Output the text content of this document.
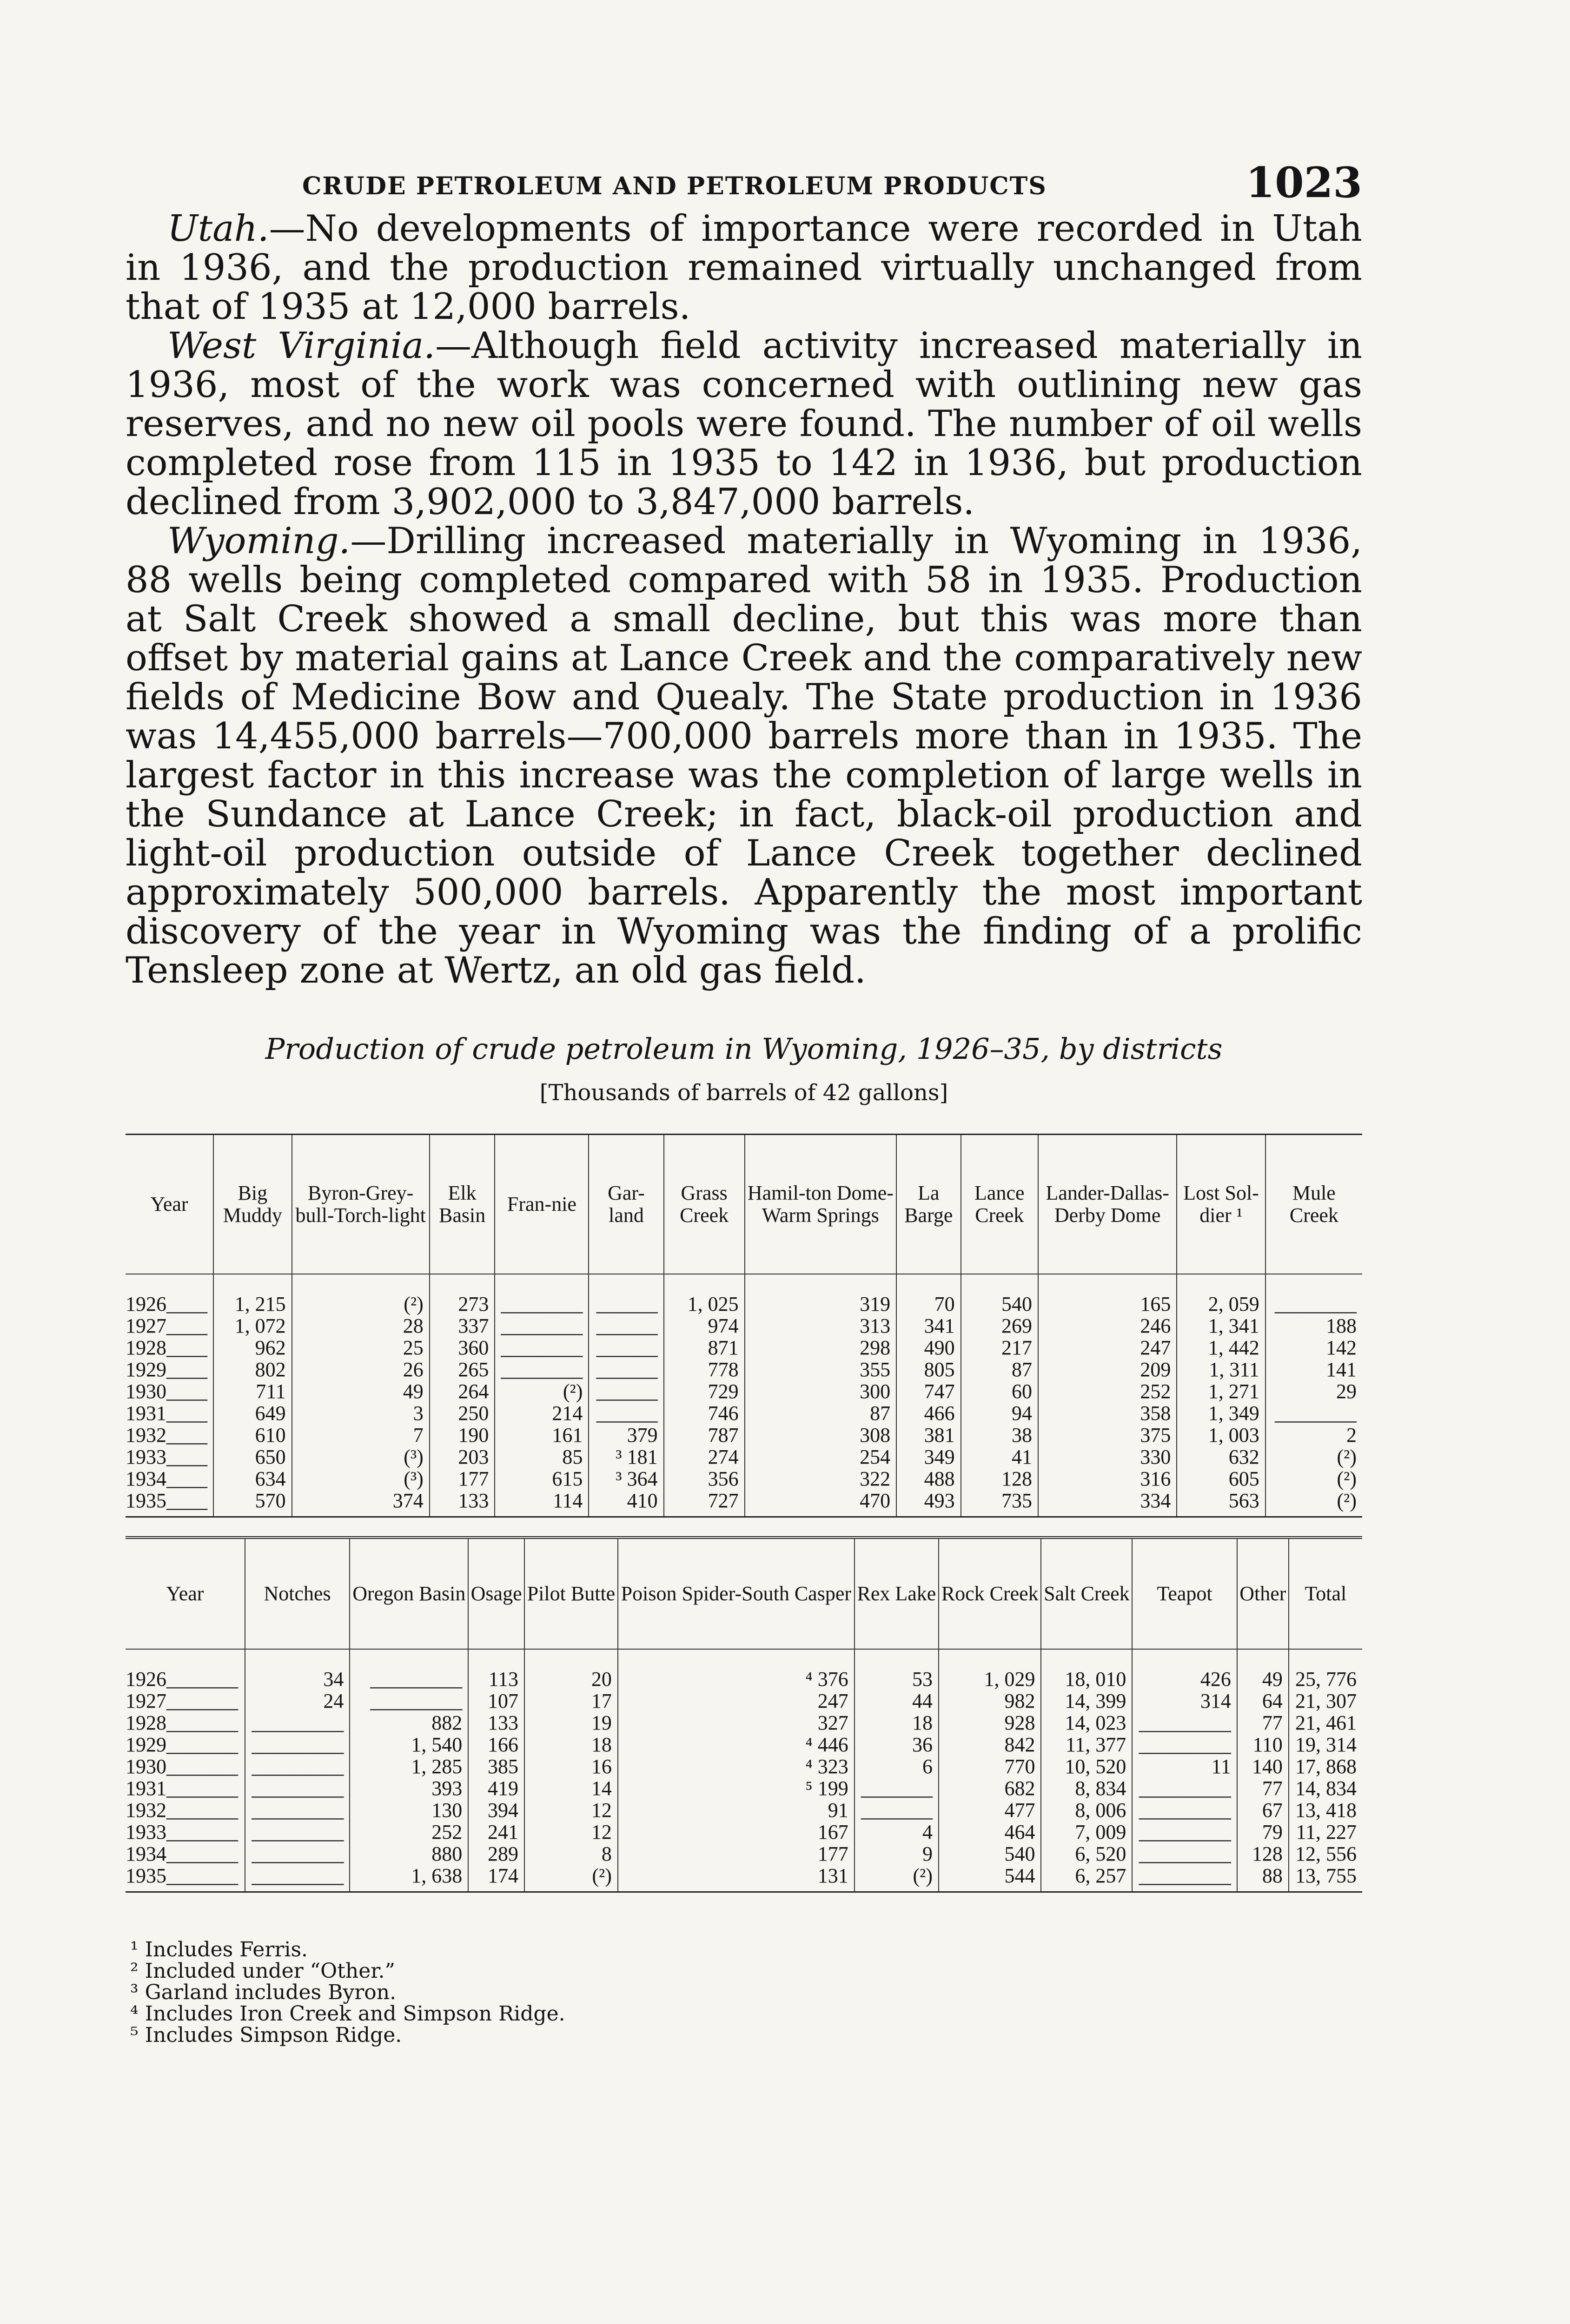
CRUDE PETROLEUM AND PETROLEUM PRODUCTS	1023

Utah.—No developments of importance were recorded in Utah in 1936, and the production remained virtually unchanged from that of 1935 at 12,000 barrels.

West Virginia.—Although field activity increased materially in 1936, most of the work was concerned with outlining new gas reserves, and no new oil pools were found. The number of oil wells completed rose from 115 in 1935 to 142 in 1936, but production declined from 3,902,000 to 3,847,000 barrels.

Wyoming.—Drilling increased materially in Wyoming in 1936, 88 wells being completed compared with 58 in 1935. Production at Salt Creek showed a small decline, but this was more than offset by material gains at Lance Creek and the comparatively new fields of Medicine Bow and Quealy. The State production in 1936 was 14,455,000 barrels—700,000 barrels more than in 1935. The largest factor in this increase was the completion of large wells in the Sundance at Lance Creek; in fact, black-oil production and light-oil production outside of Lance Creek together declined approximately 500,000 barrels. Apparently the most important discovery of the year in Wyoming was the finding of a prolific Tensleep zone at Wertz, an old gas field.

Production of crude petroleum in Wyoming, 1926–35, by districts
[Thousands of barrels of 42 gallons]
Year	Big Muddy	Byron-Grey-bull-Torch-light	Elk Basin	Fran-nie	Gar-land	Grass Creek	Hamil-ton Dome-Warm Springs	La Barge	Lance Creek	Lander-Dallas-Derby Dome	Lost Sol-dier ¹	Mule Creek
1926____	1, 215	(²)	273	________	______	1, 025	319	70	540	165	2, 059	________
1927____	1, 072	28	337	________	______	974	313	341	269	246	1, 341	188
1928____	962	25	360	________	______	871	298	490	217	247	1, 442	142
1929____	802	26	265	________	______	778	355	805	87	209	1, 311	141
1930____	711	49	264	(²)	______	729	300	747	60	252	1, 271	29
1931____	649	3	250	214	______	746	87	466	94	358	1, 349	________
1932____	610	7	190	161	379	787	308	381	38	375	1, 003	2
1933____	650	(³)	203	85	³ 181	274	254	349	41	330	632	(²)
1934____	634	(³)	177	615	³ 364	356	322	488	128	316	605	(²)
1935____	570	374	133	114	410	727	470	493	735	334	563	(²)
Year	Notches	Oregon Basin	Osage	Pilot Butte	Poison Spider-South Casper	Rex Lake	Rock Creek	Salt Creek	Teapot	Other	Total
1926_______	34	_________	113	20	⁴ 376	53	1, 029	18, 010	426	49	25, 776
1927_______	24	_________	107	17	247	44	982	14, 399	314	64	21, 307
1928_______	_________	882	133	19	327	18	928	14, 023	_________	77	21, 461
1929_______	_________	1, 540	166	18	⁴ 446	36	842	11, 377	_________	110	19, 314
1930_______	_________	1, 285	385	16	⁴ 323	6	770	10, 520	11	140	17, 868
1931_______	_________	393	419	14	⁵ 199	_______	682	8, 834	_________	77	14, 834
1932_______	_________	130	394	12	91	_______	477	8, 006	_________	67	13, 418
1933_______	_________	252	241	12	167	4	464	7, 009	_________	79	11, 227
1934_______	_________	880	289	8	177	9	540	6, 520	_________	128	12, 556
1935_______	_________	1, 638	174	(²)	131	(²)	544	6, 257	_________	88	13, 755
¹ Includes Ferris.
² Included under “Other.”
³ Garland includes Byron.
⁴ Includes Iron Creek and Simpson Ridge.
⁵ Includes Simpson Ridge.
